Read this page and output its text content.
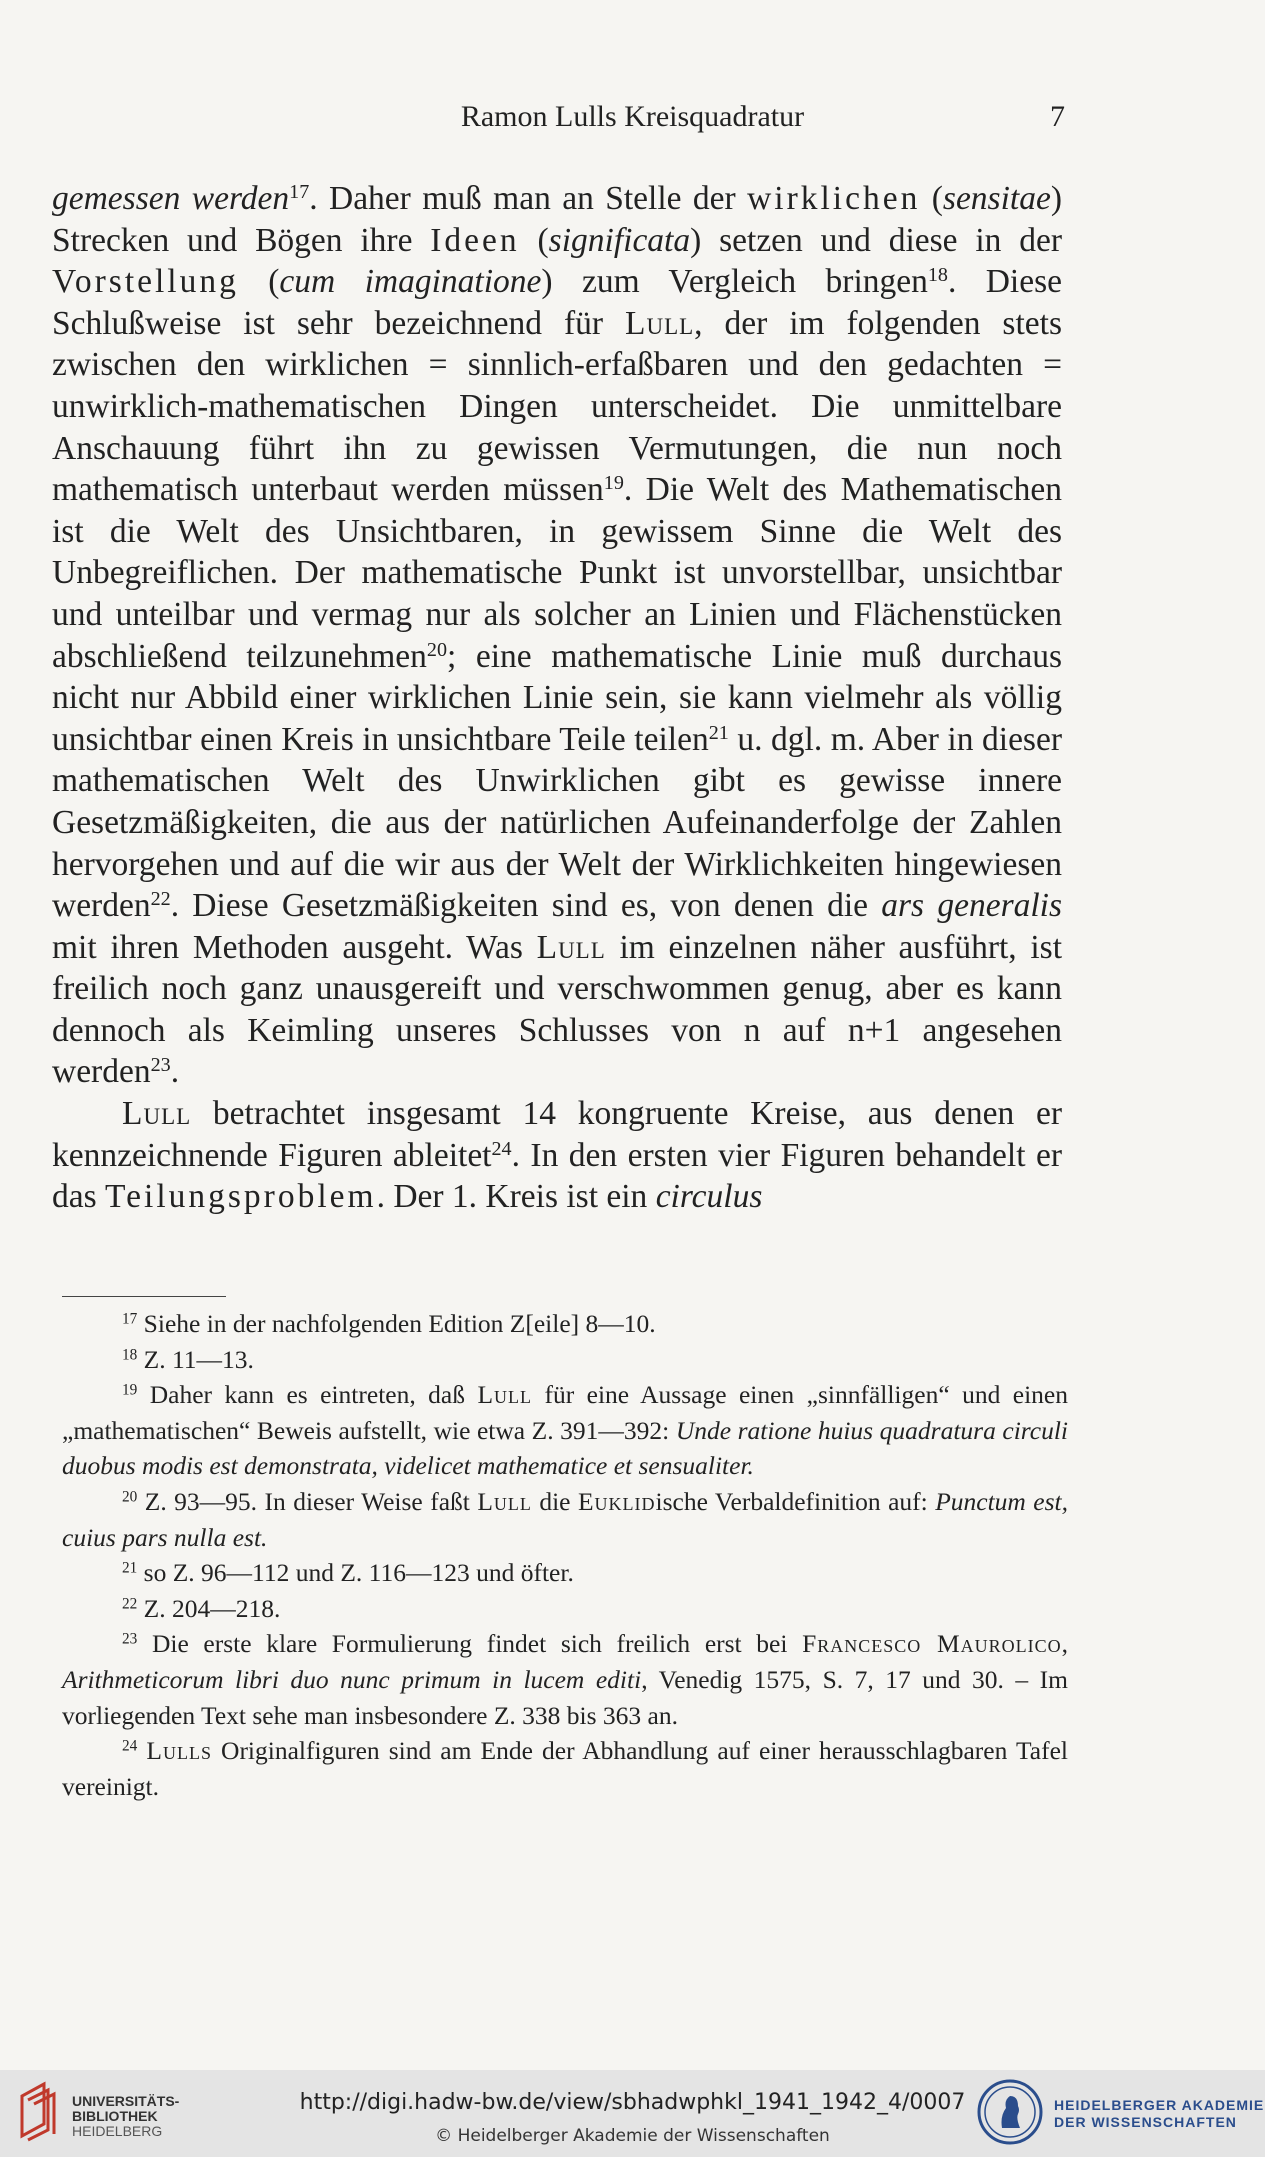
Ramon Lulls Kreisquadratur	7

gemessen werden$^{17}$. Daher muß man an Stelle der wirklichen (sensitae) Strecken und Bögen ihre Ideen (significata) setzen und diese in der Vorstellung (cum imaginatione) zum Vergleich bringen$^{18}$. Diese Schlußweise ist sehr bezeichnend für Lull, der im folgenden stets zwischen den wirklichen = sinnlich-erfaßbaren und den gedachten = unwirklich-mathematischen Dingen unterscheidet. Die unmittelbare Anschauung führt ihn zu gewissen Vermutungen, die nun noch mathematisch unterbaut werden müssen$^{19}$. Die Welt des Mathematischen ist die Welt des Unsichtbaren, in gewissem Sinne die Welt des Unbegreiflichen. Der mathematische Punkt ist unvorstellbar, unsichtbar und unteilbar und vermag nur als solcher an Linien und Flächenstücken abschließend teilzunehmen$^{20}$; eine mathematische Linie muß durchaus nicht nur Abbild einer wirklichen Linie sein, sie kann vielmehr als völlig unsichtbar einen Kreis in unsichtbare Teile teilen$^{21}$ u. dgl. m. Aber in dieser mathematischen Welt des Unwirklichen gibt es gewisse innere Gesetzmäßigkeiten, die aus der natürlichen Aufeinanderfolge der Zahlen hervorgehen und auf die wir aus der Welt der Wirklichkeiten hingewiesen werden$^{22}$. Diese Gesetzmäßigkeiten sind es, von denen die ars generalis mit ihren Methoden ausgeht. Was Lull im einzelnen näher ausführt, ist freilich noch ganz unausgereift und verschwommen genug, aber es kann dennoch als Keimling unseres Schlusses von n auf n+1 angesehen werden$^{23}$.

Lull betrachtet insgesamt 14 kongruente Kreise, aus denen er kennzeichnende Figuren ableitet$^{24}$. In den ersten vier Figuren behandelt er das Teilungsproblem. Der 1. Kreis ist ein circulus

$^{17}$ Siehe in der nachfolgenden Edition Z[eile] 8—10.

$^{18}$ Z. 11—13.

$^{19}$ Daher kann es eintreten, daß Lull für eine Aussage einen „sinnfälligen“ und einen „mathematischen“ Beweis aufstellt, wie etwa Z. 391—392: Unde ratione huius quadratura circuli duobus modis est demonstrata, videlicet mathematice et sensualiter.

$^{20}$ Z. 93—95. In dieser Weise faßt Lull die Euklidische Verbaldefinition auf: Punctum est, cuius pars nulla est.

$^{21}$ so Z. 96—112 und Z. 116—123 und öfter.

$^{22}$ Z. 204—218.

$^{23}$ Die erste klare Formulierung findet sich freilich erst bei Francesco Maurolico, Arithmeticorum libri duo nunc primum in lucem editi, Venedig 1575, S. 7, 17 und 30. – Im vorliegenden Text sehe man insbesondere Z. 338 bis 363 an.

$^{24}$ Lulls Originalfiguren sind am Ende der Abhandlung auf einer herausschlagbaren Tafel vereinigt.

UNIVERSITÄTS-
BIBLIOTHEK
HEIDELBERG
http://digi.hadw-bw.de/view/sbhadwphkl_1941_1942_4/0007
© Heidelberger Akademie der Wissenschaften
HEIDELBERGER AKADEMIE
DER WISSENSCHAFTEN
